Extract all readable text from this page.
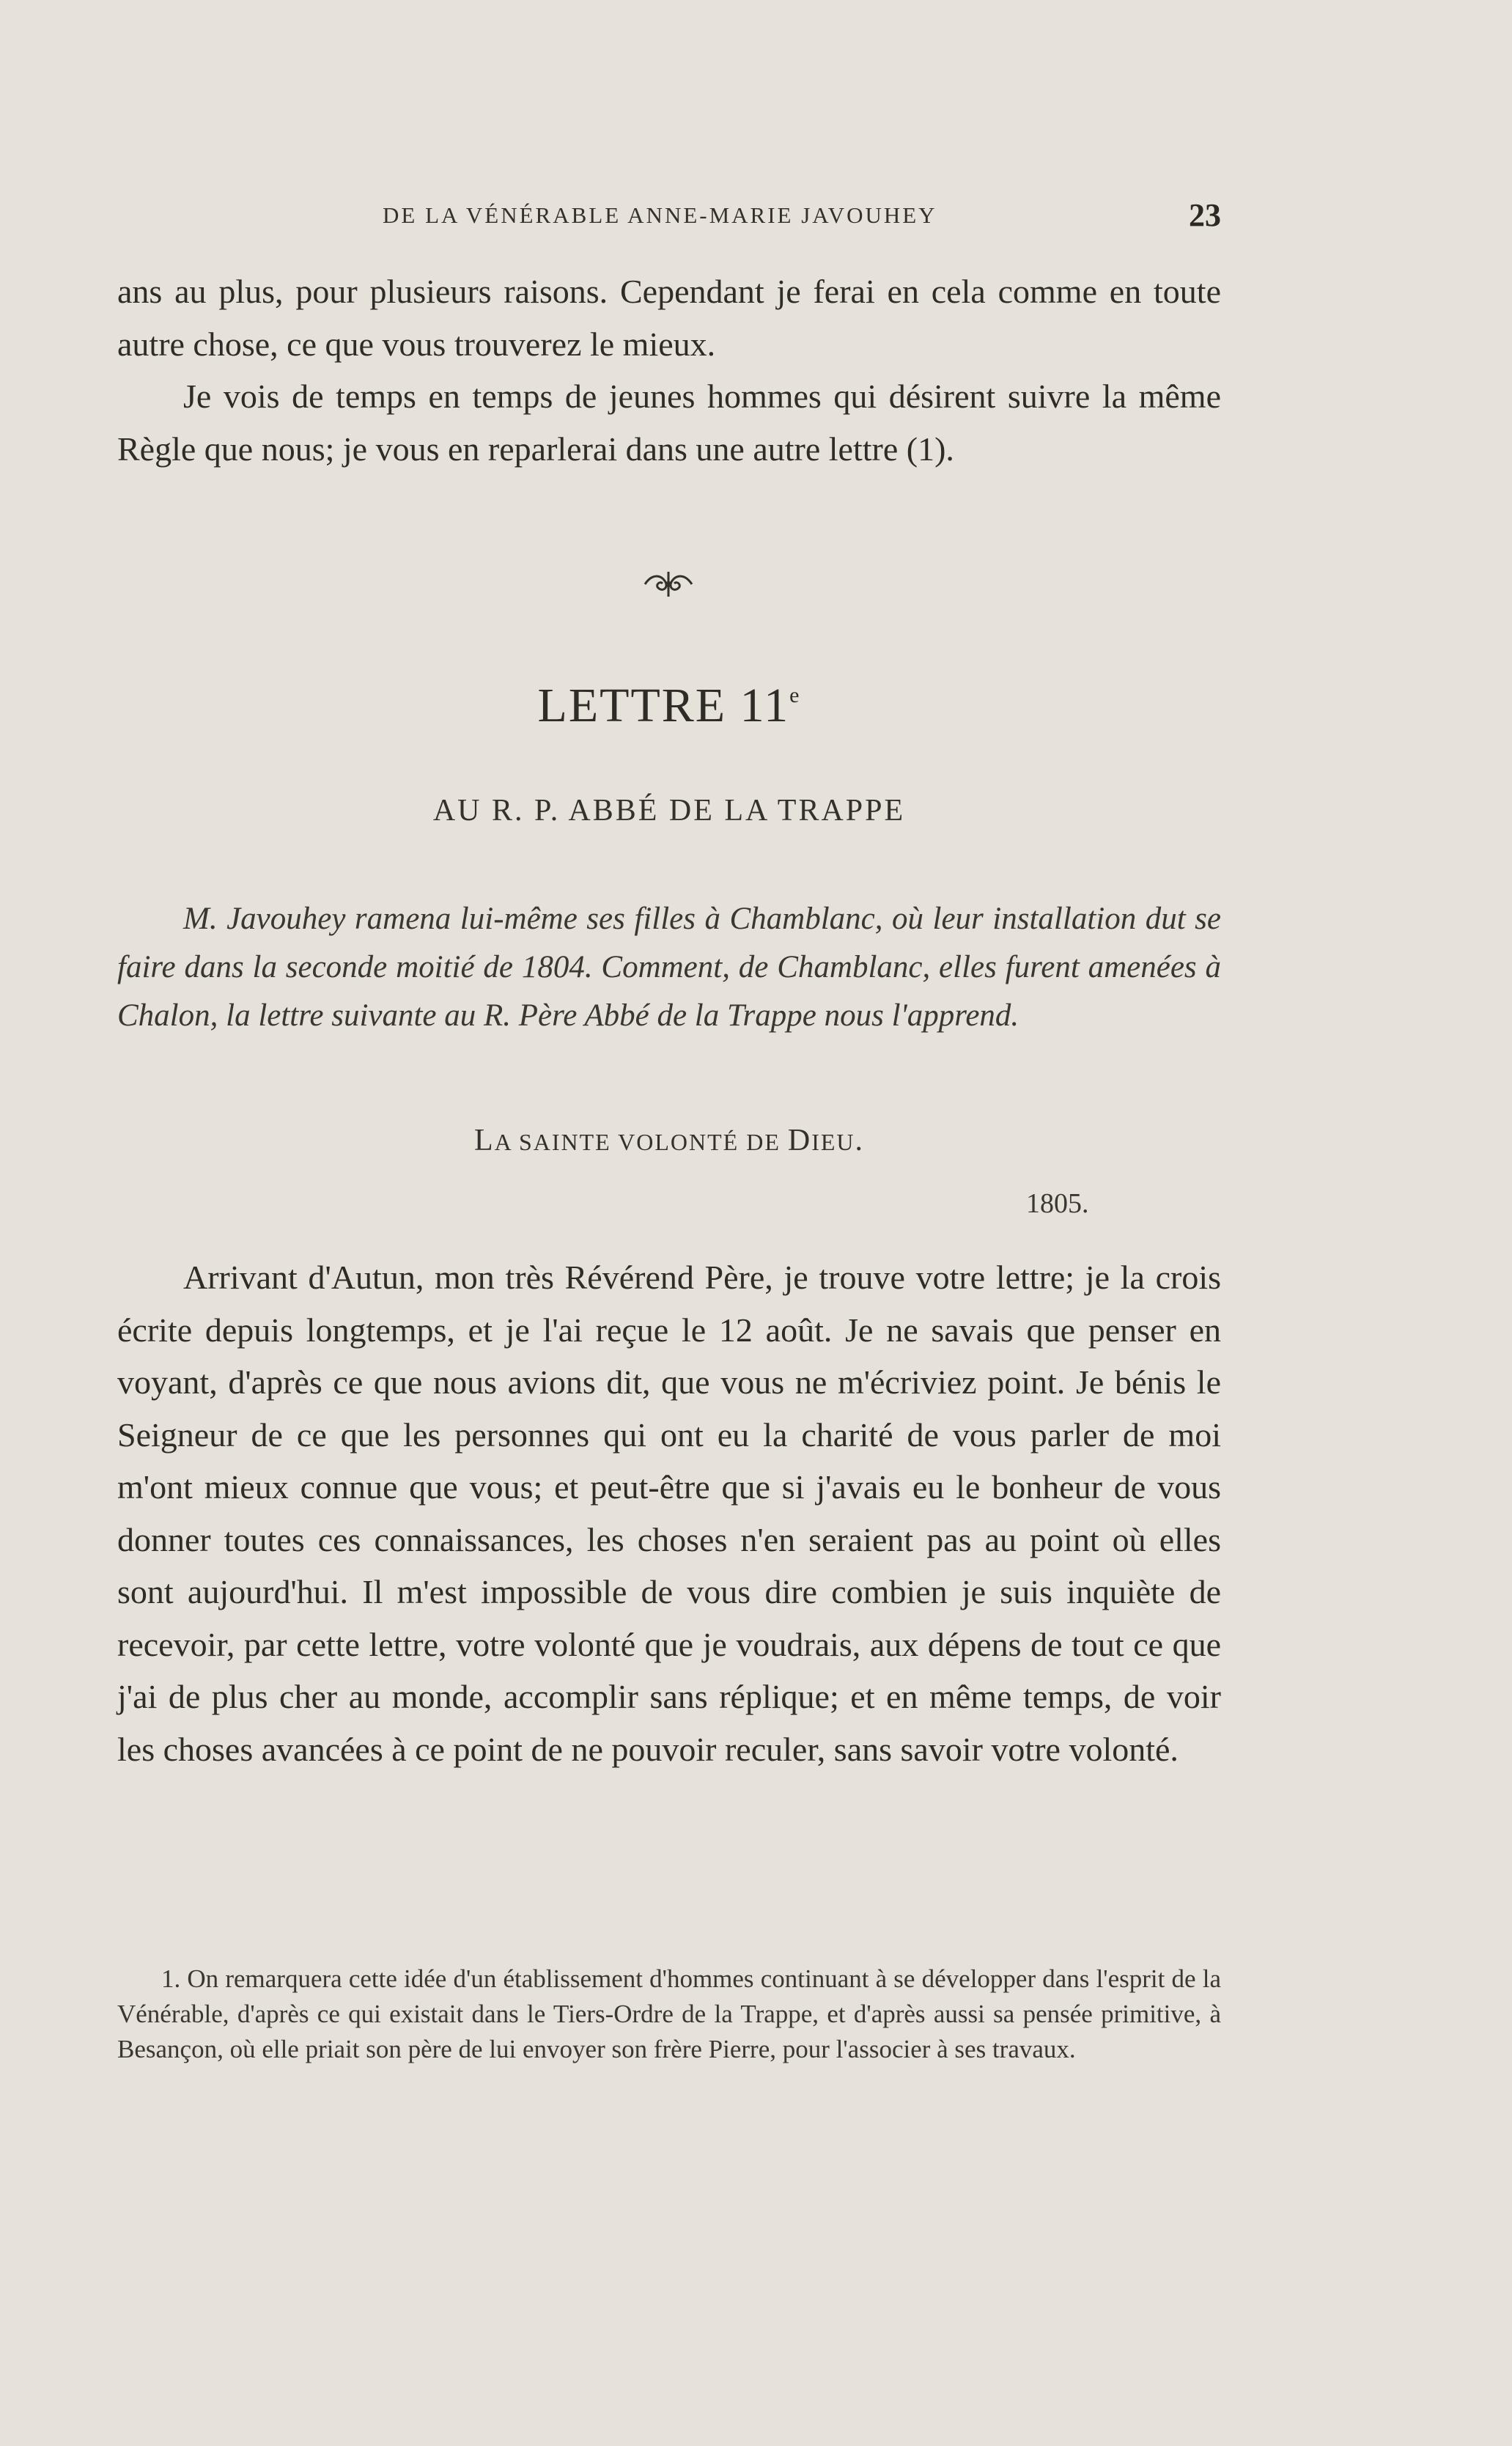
DE LA VÉNÉRABLE ANNE-MARIE JAVOUHEY	23

ans au plus, pour plusieurs raisons. Cependant je ferai en cela comme en toute autre chose, ce que vous trouverez le mieux.

Je vois de temps en temps de jeunes hommes qui désirent suivre la même Règle que nous; je vous en reparlerai dans une autre lettre (1).

LETTRE 11e
AU R. P. ABBÉ DE LA TRAPPE

M. Javouhey ramena lui-même ses filles à Chamblanc, où leur installation dut se faire dans la seconde moitié de 1804. Comment, de Chamblanc, elles furent amenées à Chalon, la lettre suivante au R. Père Abbé de la Trappe nous l'apprend.

LA SAINTE VOLONTÉ DE DIEU.
1805.

Arrivant d'Autun, mon très Révérend Père, je trouve votre lettre; je la crois écrite depuis longtemps, et je l'ai reçue le 12 août. Je ne savais que penser en voyant, d'après ce que nous avions dit, que vous ne m'écriviez point. Je bénis le Seigneur de ce que les personnes qui ont eu la charité de vous parler de moi m'ont mieux connue que vous; et peut-être que si j'avais eu le bonheur de vous donner toutes ces connaissances, les choses n'en seraient pas au point où elles sont aujourd'hui. Il m'est impossible de vous dire combien je suis inquiète de recevoir, par cette lettre, votre volonté que je voudrais, aux dépens de tout ce que j'ai de plus cher au monde, accomplir sans réplique; et en même temps, de voir les choses avancées à ce point de ne pouvoir reculer, sans savoir votre volonté.

1. On remarquera cette idée d'un établissement d'hommes continuant à se développer dans l'esprit de la Vénérable, d'après ce qui existait dans le Tiers-Ordre de la Trappe, et d'après aussi sa pensée primitive, à Besançon, où elle priait son père de lui envoyer son frère Pierre, pour l'associer à ses travaux.
